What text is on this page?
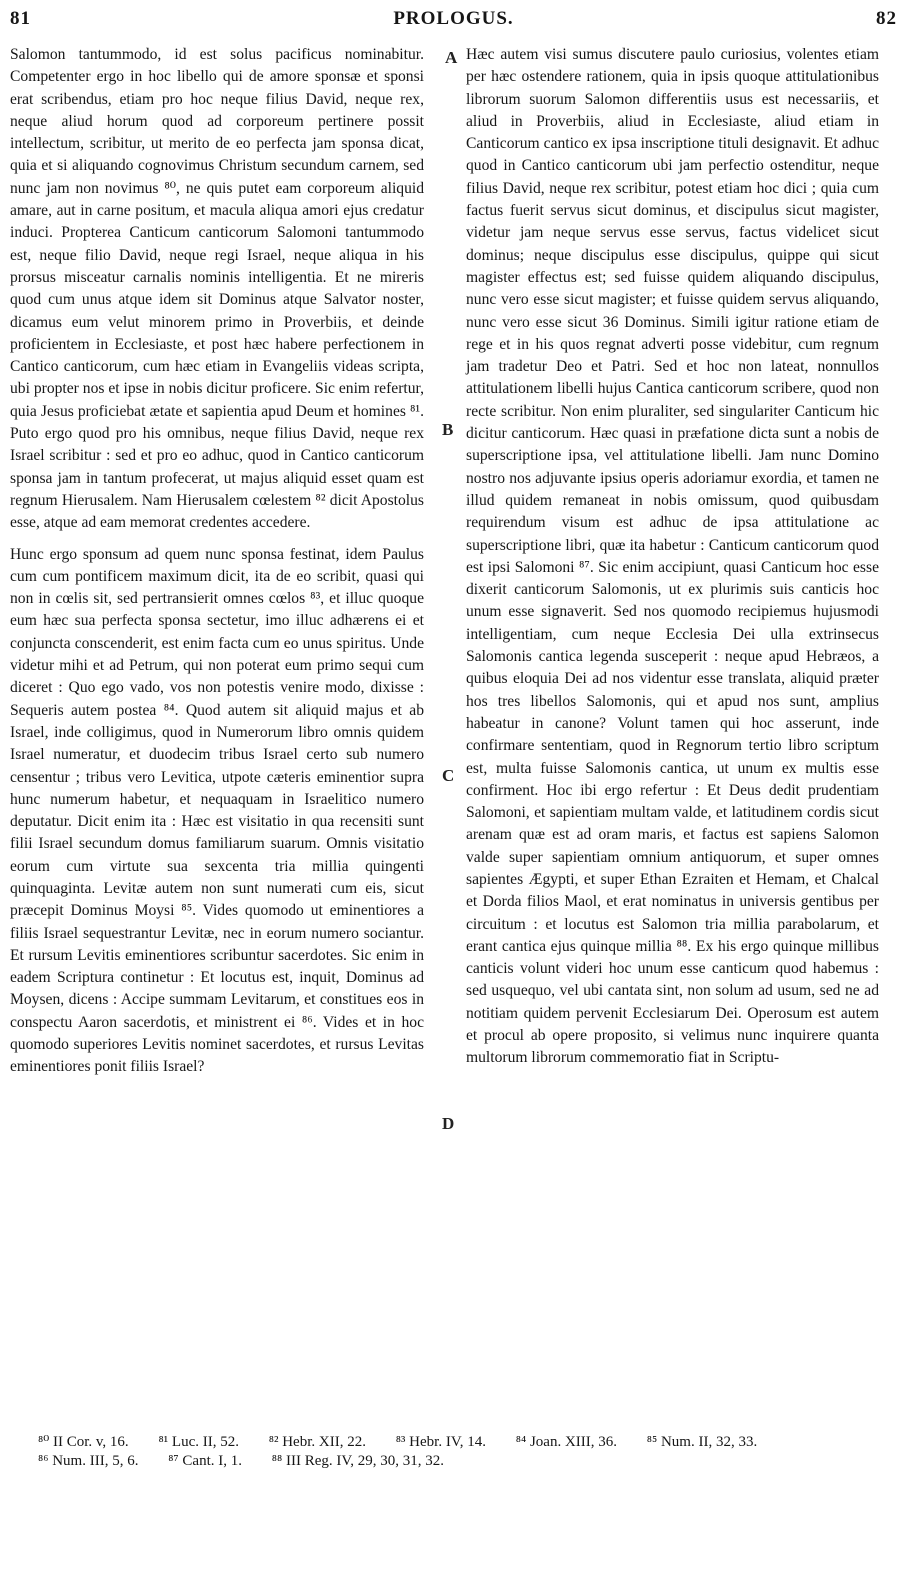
81	PROLOGUS.	82

Salomon tantummodo, id est solus pacificus nominabitur. Competenter ergo in hoc libello qui de amore sponsæ et sponsi erat scribendus, etiam pro hoc neque filius David, neque rex, neque aliud horum quod ad corporeum pertinere possit intellectum, scribitur, ut merito de eo perfecta jam sponsa dicat, quia et si aliquando cognovimus Christum secundum carnem, sed nunc jam non novimus ⁸⁰, ne quis putet eam corporeum aliquid amare, aut in carne positum, et macula aliqua amori ejus credatur induci. Propterea Canticum canticorum Salomoni tantummodo est, neque filio David, neque regi Israel, neque aliqua in his prorsus misceatur carnalis nominis intelligentia. Et ne mireris quod cum unus atque idem sit Dominus atque Salvator noster, dicamus eum velut minorem primo in Proverbiis, et deinde proficientem in Ecclesiaste, et post hæc habere perfectionem in Cantico canticorum, cum hæc etiam in Evangeliis videas scripta, ubi propter nos et ipse in nobis dicitur proficere. Sic enim refertur, quia Jesus proficiebat ætate et sapientia apud Deum et homines ⁸¹. Puto ergo quod pro his omnibus, neque filius David, neque rex Israel scribitur : sed et pro eo adhuc, quod in Cantico canticorum sponsa jam in tantum profecerat, ut majus aliquid esset quam est regnum Hierusalem. Nam Hierusalem cœlestem ⁸² dicit Apostolus esse, atque ad eam memorat credentes accedere.

Hunc ergo sponsum ad quem nunc sponsa festinat, idem Paulus cum cum pontificem maximum dicit, ita de eo scribit, quasi qui non in cœlis sit, sed pertransierit omnes cœlos ⁸³, et illuc quoque eum hæc sua perfecta sponsa sectetur, imo illuc adhærens ei et conjuncta conscenderit, est enim facta cum eo unus spiritus. Unde videtur mihi et ad Petrum, qui non poterat eum primo sequi cum diceret : Quo ego vado, vos non potestis venire modo, dixisse : Sequeris autem postea ⁸⁴. Quod autem sit aliquid majus et ab Israel, inde colligimus, quod in Numerorum libro omnis quidem Israel numeratur, et duodecim tribus Israel certo sub numero censentur ; tribus vero Levitica, utpote cæteris eminentior supra hunc numerum habetur, et nequaquam in Israelitico numero deputatur. Dicit enim ita : Hæc est visitatio in qua recensiti sunt filii Israel secundum domus familiarum suarum. Omnis visitatio eorum cum virtute sua sexcenta tria millia quingenti quinquaginta. Levitæ autem non sunt numerati cum eis, sicut præcepit Dominus Moysi ⁸⁵. Vides quomodo ut eminentiores a filiis Israel sequestrantur Levitæ, nec in eorum numero sociantur. Et rursum Levitis eminentiores scribuntur sacerdotes. Sic enim in eadem Scriptura continetur : Et locutus est, inquit, Dominus ad Moysen, dicens : Accipe summam Levitarum, et constitues eos in conspectu Aaron sacerdotis, et ministrent ei ⁸⁶. Vides et in hoc quomodo superiores Levitis nominet sacerdotes, et rursus Levitas eminentiores ponit filiis Israel?

A
B
C
D

Hæc autem visi sumus discutere paulo curiosius, volentes etiam per hæc ostendere rationem, quia in ipsis quoque attitulationibus librorum suorum Salomon differentiis usus est necessariis, et aliud in Proverbiis, aliud in Ecclesiaste, aliud etiam in Canticorum cantico ex ipsa inscriptione tituli designavit. Et adhuc quod in Cantico canticorum ubi jam perfectio ostenditur, neque filius David, neque rex scribitur, potest etiam hoc dici ; quia cum factus fuerit servus sicut dominus, et discipulus sicut magister, videtur jam neque servus esse servus, factus videlicet sicut dominus; neque discipulus esse discipulus, quippe qui sicut magister effectus est; sed fuisse quidem aliquando discipulus, nunc vero esse sicut magister; et fuisse quidem servus aliquando, nunc vero esse sicut 36 Dominus. Simili igitur ratione etiam de rege et in his quos regnat adverti posse videbitur, cum regnum jam tradetur Deo et Patri. Sed et hoc non lateat, nonnullos attitulationem libelli hujus Cantica canticorum scribere, quod non recte scribitur. Non enim pluraliter, sed singulariter Canticum hic dicitur canticorum. Hæc quasi in præfatione dicta sunt a nobis de superscriptione ipsa, vel attitulatione libelli. Jam nunc Domino nostro nos adjuvante ipsius operis adoriamur exordia, et tamen ne illud quidem remaneat in nobis omissum, quod quibusdam requirendum visum est adhuc de ipsa attitulatione ac superscriptione libri, quæ ita habetur : Canticum canticorum quod est ipsi Salomoni ⁸⁷. Sic enim accipiunt, quasi Canticum hoc esse dixerit canticorum Salomonis, ut ex plurimis suis canticis hoc unum esse signaverit. Sed nos quomodo recipiemus hujusmodi intelligentiam, cum neque Ecclesia Dei ulla extrinsecus Salomonis cantica legenda susceperit : neque apud Hebræos, a quibus eloquia Dei ad nos videntur esse translata, aliquid præter hos tres libellos Salomonis, qui et apud nos sunt, amplius habeatur in canone? Volunt tamen qui hoc asserunt, inde confirmare sententiam, quod in Regnorum tertio libro scriptum est, multa fuisse Salomonis cantica, ut unum ex multis esse confirment. Hoc ibi ergo refertur : Et Deus dedit prudentiam Salomoni, et sapientiam multam valde, et latitudinem cordis sicut arenam quæ est ad oram maris, et factus est sapiens Salomon valde super sapientiam omnium antiquorum, et super omnes sapientes Ægypti, et super Ethan Ezraiten et Hemam, et Chalcal et Dorda filios Maol, et erat nominatus in universis gentibus per circuitum : et locutus est Salomon tria millia parabolarum, et erant cantica ejus quinque millia ⁸⁸. Ex his ergo quinque millibus canticis volunt videri hoc unum esse canticum quod habemus : sed usquequo, vel ubi cantata sint, non solum ad usum, sed ne ad notitiam quidem pervenit Ecclesiarum Dei. Operosum est autem et procul ab opere proposito, si velimus nunc inquirere quanta multorum librorum commemoratio fiat in Scriptu-

⁸⁰ II Cor. v, 16. ⁸¹ Luc. II, 52. ⁸² Hebr. XII, 22. ⁸³ Hebr. IV, 14. ⁸⁴ Joan. XIII, 36. ⁸⁵ Num. II, 32, 33.
⁸⁶ Num. III, 5, 6. ⁸⁷ Cant. I, 1. ⁸⁸ III Reg. IV, 29, 30, 31, 32.
